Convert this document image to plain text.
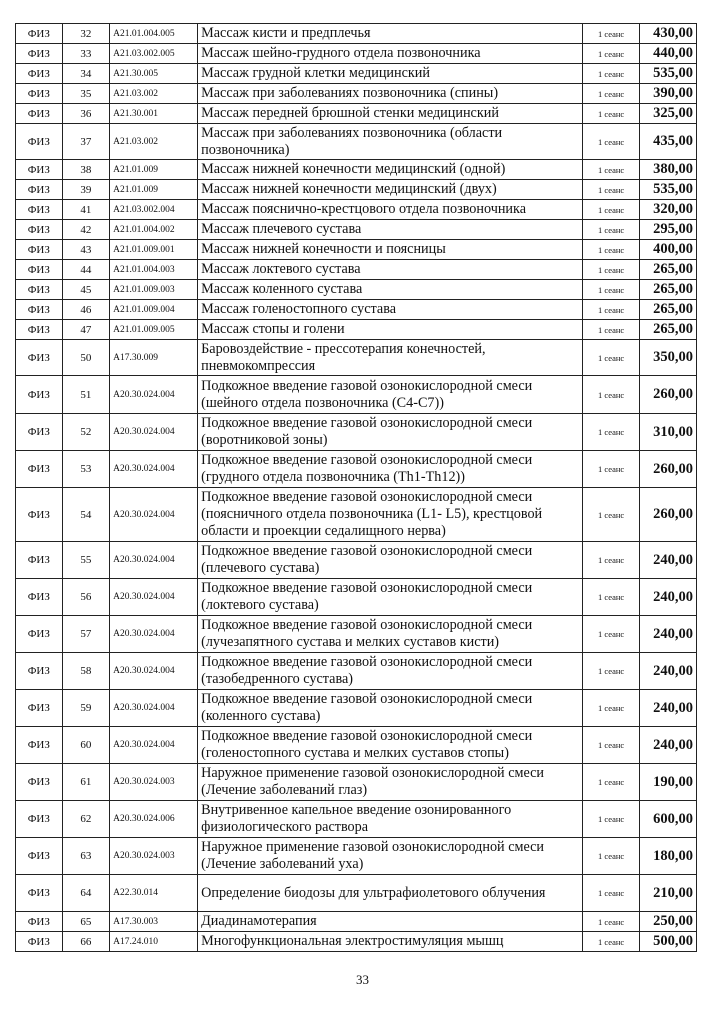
ФИЗ	32	A21.01.004.005	Массаж кисти и предплечья	1 сеанс	430,00
ФИЗ	33	A21.03.002.005	Массаж шейно-грудного отдела позвоночника	1 сеанс	440,00
ФИЗ	34	A21.30.005	Массаж грудной клетки медицинский	1 сеанс	535,00
ФИЗ	35	A21.03.002	Массаж при заболеваниях позвоночника (спины)	1 сеанс	390,00
ФИЗ	36	A21.30.001	Массаж передней брюшной стенки медицинский	1 сеанс	325,00
ФИЗ	37	A21.03.002	Массаж при заболеваниях позвоночника (области позвоночника)	1 сеанс	435,00
ФИЗ	38	A21.01.009	Массаж нижней конечности медицинский (одной)	1 сеанс	380,00
ФИЗ	39	A21.01.009	Массаж нижней конечности медицинский (двух)	1 сеанс	535,00
ФИЗ	41	A21.03.002.004	Массаж пояснично-крестцового отдела позвоночника	1 сеанс	320,00
ФИЗ	42	A21.01.004.002	Массаж плечевого сустава	1 сеанс	295,00
ФИЗ	43	A21.01.009.001	Массаж нижней конечности и поясницы	1 сеанс	400,00
ФИЗ	44	A21.01.004.003	Массаж локтевого сустава	1 сеанс	265,00
ФИЗ	45	A21.01.009.003	Массаж коленного сустава	1 сеанс	265,00
ФИЗ	46	A21.01.009.004	Массаж голеностопного сустава	1 сеанс	265,00
ФИЗ	47	A21.01.009.005	Массаж стопы и голени	1 сеанс	265,00
ФИЗ	50	A17.30.009	Баровоздействие - прессотерапия конечностей, пневмокомпрессия	1 сеанс	350,00
ФИЗ	51	A20.30.024.004	Подкожное введение газовой озонокислородной смеси (шейного отдела позвоночника (С4-С7))	1 сеанс	260,00
ФИЗ	52	A20.30.024.004	Подкожное введение газовой озонокислородной смеси (воротниковой зоны)	1 сеанс	310,00
ФИЗ	53	A20.30.024.004	Подкожное введение газовой озонокислородной смеси (грудного отдела позвоночника (Th1-Th12))	1 сеанс	260,00
ФИЗ	54	A20.30.024.004	Подкожное введение газовой озонокислородной смеси (поясничного отдела позвоночника (L1- L5), крестцовой области и проекции седалищного нерва)	1 сеанс	260,00
ФИЗ	55	A20.30.024.004	Подкожное введение газовой озонокислородной смеси (плечевого сустава)	1 сеанс	240,00
ФИЗ	56	A20.30.024.004	Подкожное введение газовой озонокислородной смеси (локтевого сустава)	1 сеанс	240,00
ФИЗ	57	A20.30.024.004	Подкожное введение газовой озонокислородной смеси (лучезапятного сустава и мелких суставов кисти)	1 сеанс	240,00
ФИЗ	58	A20.30.024.004	Подкожное введение газовой озонокислородной смеси (тазобедренного сустава)	1 сеанс	240,00
ФИЗ	59	A20.30.024.004	Подкожное введение газовой озонокислородной смеси (коленного сустава)	1 сеанс	240,00
ФИЗ	60	A20.30.024.004	Подкожное введение газовой озонокислородной смеси (голеностопного сустава и мелких суставов стопы)	1 сеанс	240,00
ФИЗ	61	A20.30.024.003	Наружное применение газовой озонокислородной смеси (Лечение заболеваний глаз)	1 сеанс	190,00
ФИЗ	62	A20.30.024.006	Внутривенное капельное введение озонированного физиологического раствора	1 сеанс	600,00
ФИЗ	63	A20.30.024.003	Наружное применение газовой озонокислородной смеси (Лечение заболеваний уха)	1 сеанс	180,00
ФИЗ	64	A22.30.014	Определение биодозы для ультрафиолетового облучения	1 сеанс	210,00
ФИЗ	65	A17.30.003	Диадинамотерапия	1 сеанс	250,00
ФИЗ	66	A17.24.010	Многофункциональная электростимуляция мышц	1 сеанс	500,00
33
